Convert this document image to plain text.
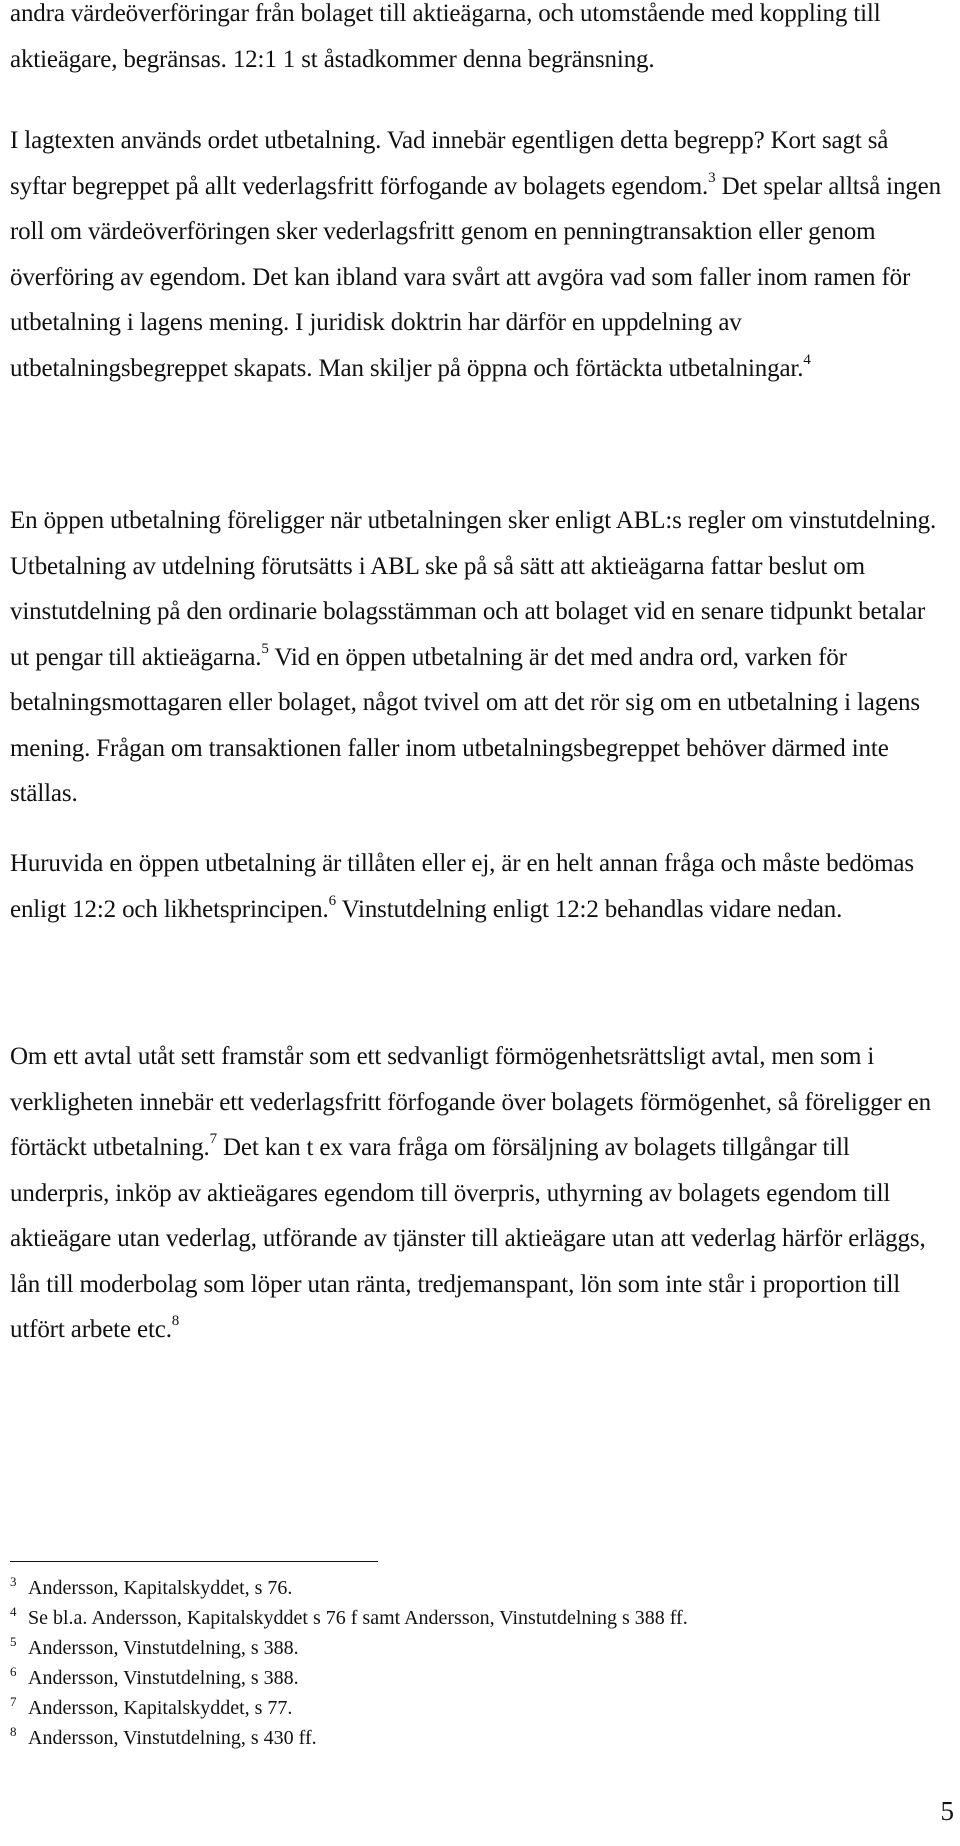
andra värdeöverföringar från bolaget till aktieägarna, och utomstående med koppling till aktieägare, begränsas. 12:1 1 st åstadkommer denna begränsning.

I lagtexten används ordet utbetalning. Vad innebär egentligen detta begrepp? Kort sagt så syftar begreppet på allt vederlagsfritt förfogande av bolagets egendom.$^3$ Det spelar alltså ingen roll om värdeöverföringen sker vederlagsfritt genom en penningtransaktion eller genom överföring av egendom. Det kan ibland vara svårt att avgöra vad som faller inom ramen för utbetalning i lagens mening. I juridisk doktrin har därför en uppdelning av utbetalningsbegreppet skapats. Man skiljer på öppna och förtäckta utbetalningar.$^4$

En öppen utbetalning föreligger när utbetalningen sker enligt ABL:s regler om vinstutdelning. Utbetalning av utdelning förutsätts i ABL ske på så sätt att aktieägarna fattar beslut om vinstutdelning på den ordinarie bolagsstämman och att bolaget vid en senare tidpunkt betalar ut pengar till aktieägarna.$^5$ Vid en öppen utbetalning är det med andra ord, varken för betalningsmottagaren eller bolaget, något tvivel om att det rör sig om en utbetalning i lagens mening. Frågan om transaktionen faller inom utbetalningsbegreppet behöver därmed inte ställas.

Huruvida en öppen utbetalning är tillåten eller ej, är en helt annan fråga och måste bedömas enligt 12:2 och likhetsprincipen.$^6$ Vinstutdelning enligt 12:2 behandlas vidare nedan.

Om ett avtal utåt sett framstår som ett sedvanligt förmögenhetsrättsligt avtal, men som i verkligheten innebär ett vederlagsfritt förfogande över bolagets förmögenhet, så föreligger en förtäckt utbetalning.$^7$ Det kan t ex vara fråga om försäljning av bolagets tillgångar till underpris, inköp av aktieägares egendom till överpris, uthyrning av bolagets egendom till aktieägare utan vederlag, utförande av tjänster till aktieägare utan att vederlag härför erläggs, lån till moderbolag som löper utan ränta, tredjemanspant, lön som inte står i proportion till utfört arbete etc.$^8$

3 Andersson, Kapitalskyddet, s 76.

4 Se bl.a. Andersson, Kapitalskyddet s 76 f samt Andersson, Vinstutdelning s 388 ff.

5 Andersson, Vinstutdelning, s 388.

6 Andersson, Vinstutdelning, s 388.

7 Andersson, Kapitalskyddet, s 77.

8 Andersson, Vinstutdelning, s 430 ff.

5
